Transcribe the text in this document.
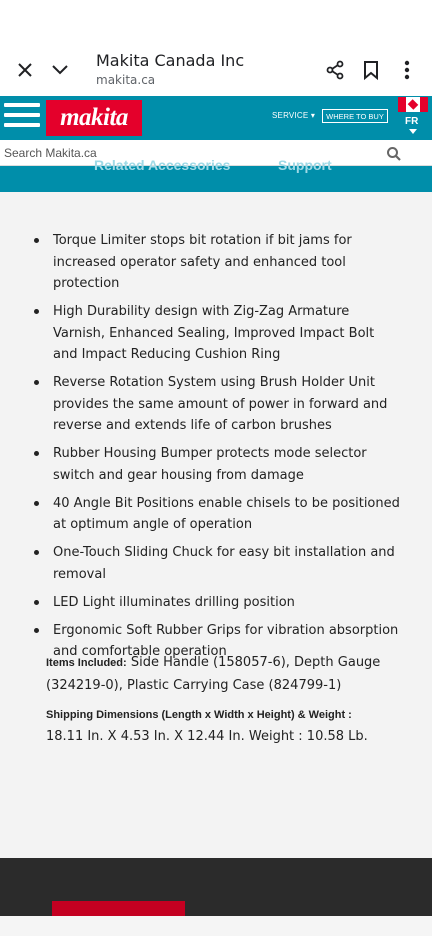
Makita Canada Inc
makita.ca
makita	SERVICE ▾	WHERE TO BUY	FR
Search Makita.ca
Related Accessories	Support
Torque Limiter stops bit rotation if bit jams for increased operator safety and enhanced tool protection
High Durability design with Zig-Zag Armature Varnish, Enhanced Sealing, Improved Impact Bolt and Impact Reducing Cushion Ring
Reverse Rotation System using Brush Holder Unit provides the same amount of power in forward and reverse and extends life of carbon brushes
Rubber Housing Bumper protects mode selector switch and gear housing from damage
40 Angle Bit Positions enable chisels to be positioned at optimum angle of operation
One-Touch Sliding Chuck for easy bit installation and removal
LED Light illuminates drilling position
Ergonomic Soft Rubber Grips for vibration absorption and comfortable operation
Items Included: Side Handle (158057-6), Depth Gauge (324219-0), Plastic Carrying Case (824799-1)
Shipping Dimensions (Length x Width x Height) & Weight :
18.11 In. X 4.53 In. X 12.44 In. Weight : 10.58 Lb.
